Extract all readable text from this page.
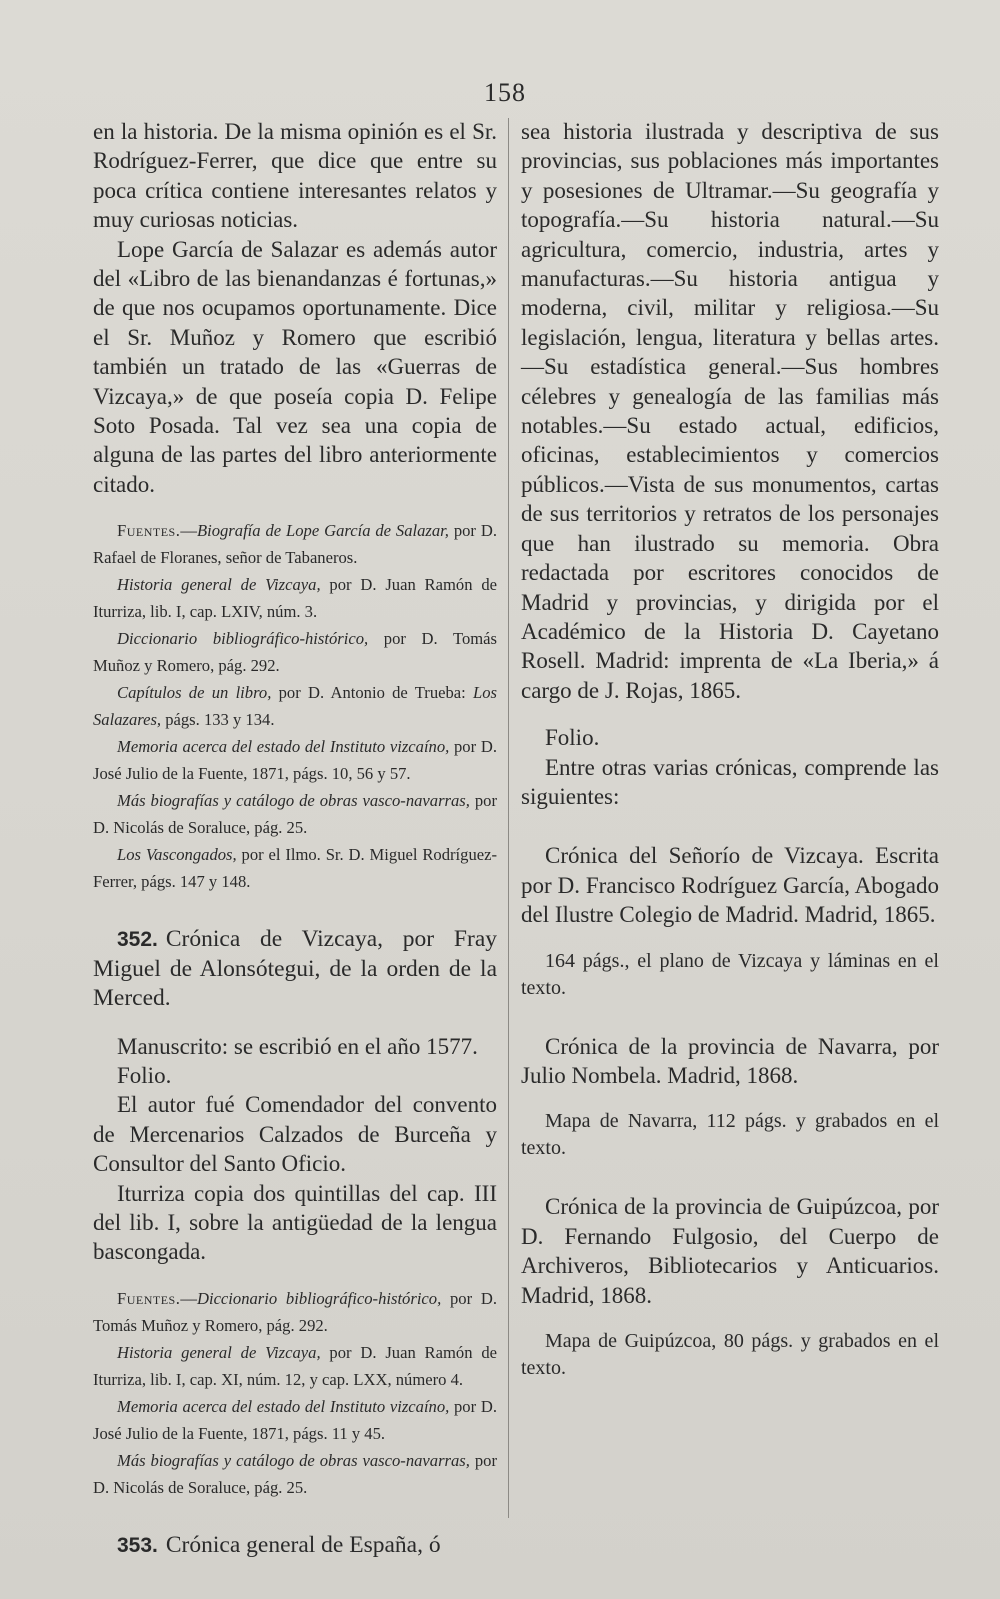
158

en la historia. De la misma opinión es el Sr. Rodríguez-Ferrer, que dice que entre su poca crítica contiene interesantes relatos y muy curiosas noticias.

Lope García de Salazar es además autor del «Libro de las bienandanzas é fortunas,» de que nos ocupamos oportunamente. Dice el Sr. Muñoz y Romero que escribió también un tratado de las «Guerras de Vizcaya,» de que poseía copia D. Felipe Soto Posada. Tal vez sea una copia de alguna de las partes del libro anteriormente citado.

Fuentes.—Biografía de Lope García de Salazar, por D. Rafael de Floranes, señor de Tabaneros.

Historia general de Vizcaya, por D. Juan Ramón de Iturriza, lib. I, cap. LXIV, núm. 3.

Diccionario bibliográfico-histórico, por D. Tomás Muñoz y Romero, pág. 292.

Capítulos de un libro, por D. Antonio de Trueba: Los Salazares, págs. 133 y 134.

Memoria acerca del estado del Instituto vizcaíno, por D. José Julio de la Fuente, 1871, págs. 10, 56 y 57.

Más biografías y catálogo de obras vasco-navarras, por D. Nicolás de Soraluce, pág. 25.

Los Vascongados, por el Ilmo. Sr. D. Miguel Rodríguez-Ferrer, págs. 147 y 148.

352. Crónica de Vizcaya, por Fray Miguel de Alonsótegui, de la orden de la Merced.

Manuscrito: se escribió en el año 1577.

Folio.

El autor fué Comendador del convento de Mercenarios Calzados de Burceña y Consultor del Santo Oficio.

Iturriza copia dos quintillas del cap. III del lib. I, sobre la antigüedad de la lengua bascongada.

Fuentes.—Diccionario bibliográfico-histórico, por D. Tomás Muñoz y Romero, pág. 292.

Historia general de Vizcaya, por D. Juan Ramón de Iturriza, lib. I, cap. XI, núm. 12, y cap. LXX, número 4.

Memoria acerca del estado del Instituto vizcaíno, por D. José Julio de la Fuente, 1871, págs. 11 y 45.

Más biografías y catálogo de obras vasco-navarras, por D. Nicolás de Soraluce, pág. 25.

353. Crónica general de España, ó

sea historia ilustrada y descriptiva de sus provincias, sus poblaciones más importantes y posesiones de Ultramar.—Su geografía y topografía.—Su historia natural.—Su agricultura, comercio, industria, artes y manufacturas.—Su historia antigua y moderna, civil, militar y religiosa.—Su legislación, lengua, literatura y bellas artes.—Su estadística general.—Sus hombres célebres y genealogía de las familias más notables.—Su estado actual, edificios, oficinas, establecimientos y comercios públicos.—Vista de sus monumentos, cartas de sus territorios y retratos de los personajes que han ilustrado su memoria. Obra redactada por escritores conocidos de Madrid y provincias, y dirigida por el Académico de la Historia D. Cayetano Rosell. Madrid: imprenta de «La Iberia,» á cargo de J. Rojas, 1865.

Folio.

Entre otras varias crónicas, comprende las siguientes:

Crónica del Señorío de Vizcaya. Escrita por D. Francisco Rodríguez García, Abogado del Ilustre Colegio de Madrid. Madrid, 1865.

164 págs., el plano de Vizcaya y láminas en el texto.

Crónica de la provincia de Navarra, por Julio Nombela. Madrid, 1868.

Mapa de Navarra, 112 págs. y grabados en el texto.

Crónica de la provincia de Guipúzcoa, por D. Fernando Fulgosio, del Cuerpo de Archiveros, Bibliotecarios y Anticuarios. Madrid, 1868.

Mapa de Guipúzcoa, 80 págs. y grabados en el texto.
